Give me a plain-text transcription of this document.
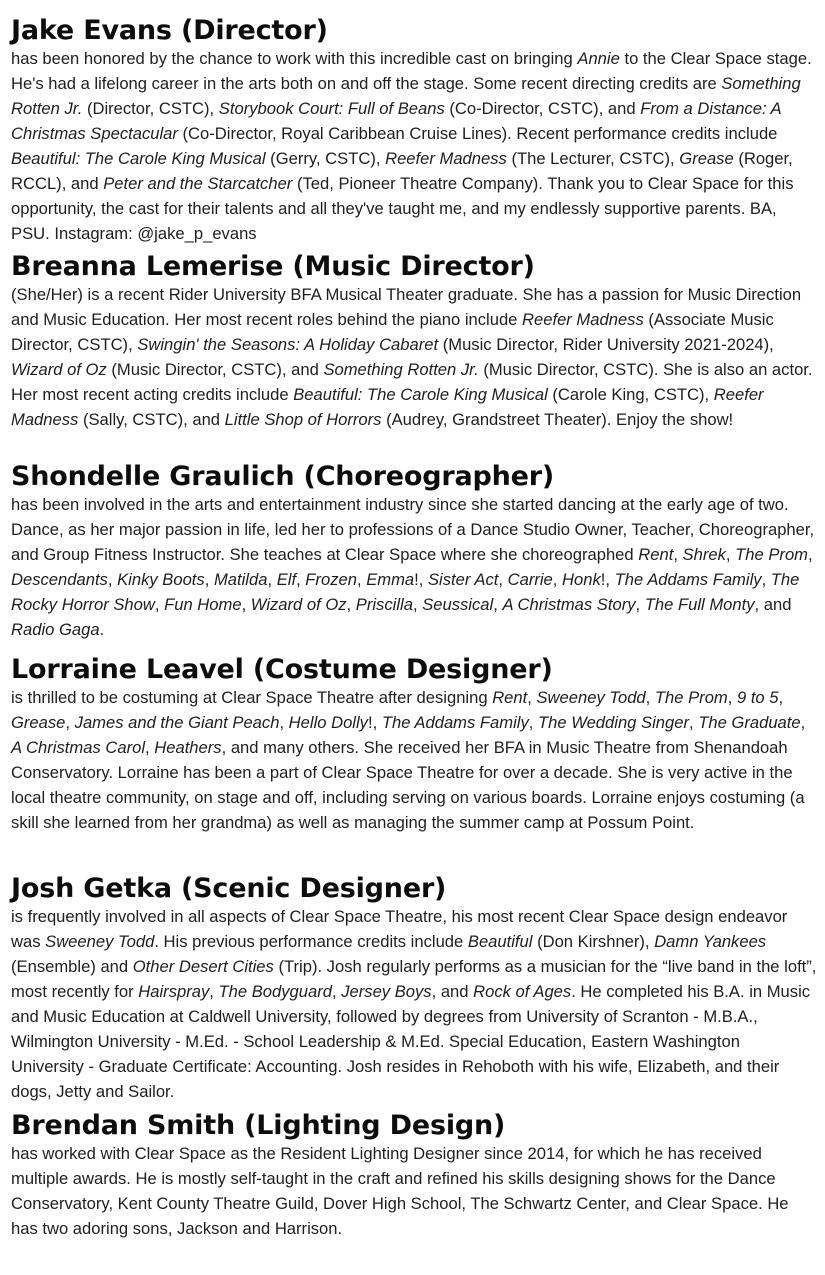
Jake Evans (Director)

has been honored by the chance to work with this incredible cast on bringing Annie to the Clear Space stage. He's had a lifelong career in the arts both on and off the stage. Some recent directing credits are Something Rotten Jr. (Director, CSTC), Storybook Court: Full of Beans (Co-Director, CSTC), and From a Distance: A Christmas Spectacular (Co-Director, Royal Caribbean Cruise Lines). Recent performance credits include Beautiful: The Carole King Musical (Gerry, CSTC), Reefer Madness (The Lecturer, CSTC), Grease (Roger, RCCL), and Peter and the Starcatcher (Ted, Pioneer Theatre Company). Thank you to Clear Space for this opportunity, the cast for their talents and all they've taught me, and my endlessly supportive parents. BA, PSU. Instagram: @jake_p_evans

Breanna Lemerise (Music Director)

(She/Her) is a recent Rider University BFA Musical Theater graduate. She has a passion for Music Direction and Music Education. Her most recent roles behind the piano include Reefer Madness (Associate Music Director, CSTC), Swingin' the Seasons: A Holiday Cabaret (Music Director, Rider University 2021-2024), Wizard of Oz (Music Director, CSTC), and Something Rotten Jr. (Music Director, CSTC). She is also an actor. Her most recent acting credits include Beautiful: The Carole King Musical (Carole King, CSTC), Reefer Madness (Sally, CSTC), and Little Shop of Horrors (Audrey, Grandstreet Theater). Enjoy the show!

Shondelle Graulich (Choreographer)

has been involved in the arts and entertainment industry since she started dancing at the early age of two. Dance, as her major passion in life, led her to professions of a Dance Studio Owner, Teacher, Choreographer, and Group Fitness Instructor. She teaches at Clear Space where she choreographed Rent, Shrek, The Prom, Descendants, Kinky Boots, Matilda, Elf, Frozen, Emma!, Sister Act, Carrie, Honk!, The Addams Family, The Rocky Horror Show, Fun Home, Wizard of Oz, Priscilla, Seussical, A Christmas Story, The Full Monty, and Radio Gaga.

Lorraine Leavel (Costume Designer)

is thrilled to be costuming at Clear Space Theatre after designing Rent, Sweeney Todd, The Prom, 9 to 5, Grease, James and the Giant Peach, Hello Dolly!, The Addams Family, The Wedding Singer, The Graduate, A Christmas Carol, Heathers, and many others. She received her BFA in Music Theatre from Shenandoah Conservatory. Lorraine has been a part of Clear Space Theatre for over a decade. She is very active in the local theatre community, on stage and off, including serving on various boards. Lorraine enjoys costuming (a skill she learned from her grandma) as well as managing the summer camp at Possum Point.

Josh Getka (Scenic Designer)

is frequently involved in all aspects of Clear Space Theatre, his most recent Clear Space design endeavor was Sweeney Todd. His previous performance credits include Beautiful (Don Kirshner), Damn Yankees (Ensemble) and Other Desert Cities (Trip). Josh regularly performs as a musician for the “live band in the loft”, most recently for Hairspray, The Bodyguard, Jersey Boys, and Rock of Ages. He completed his B.A. in Music and Music Education at Caldwell University, followed by degrees from University of Scranton - M.B.A., Wilmington University - M.Ed. - School Leadership & M.Ed. Special Education, Eastern Washington University - Graduate Certificate: Accounting. Josh resides in Rehoboth with his wife, Elizabeth, and their dogs, Jetty and Sailor.

Brendan Smith (Lighting Design)

has worked with Clear Space as the Resident Lighting Designer since 2014, for which he has received multiple awards. He is mostly self-taught in the craft and refined his skills designing shows for the Dance Conservatory, Kent County Theatre Guild, Dover High School, The Schwartz Center, and Clear Space. He has two adoring sons, Jackson and Harrison.
